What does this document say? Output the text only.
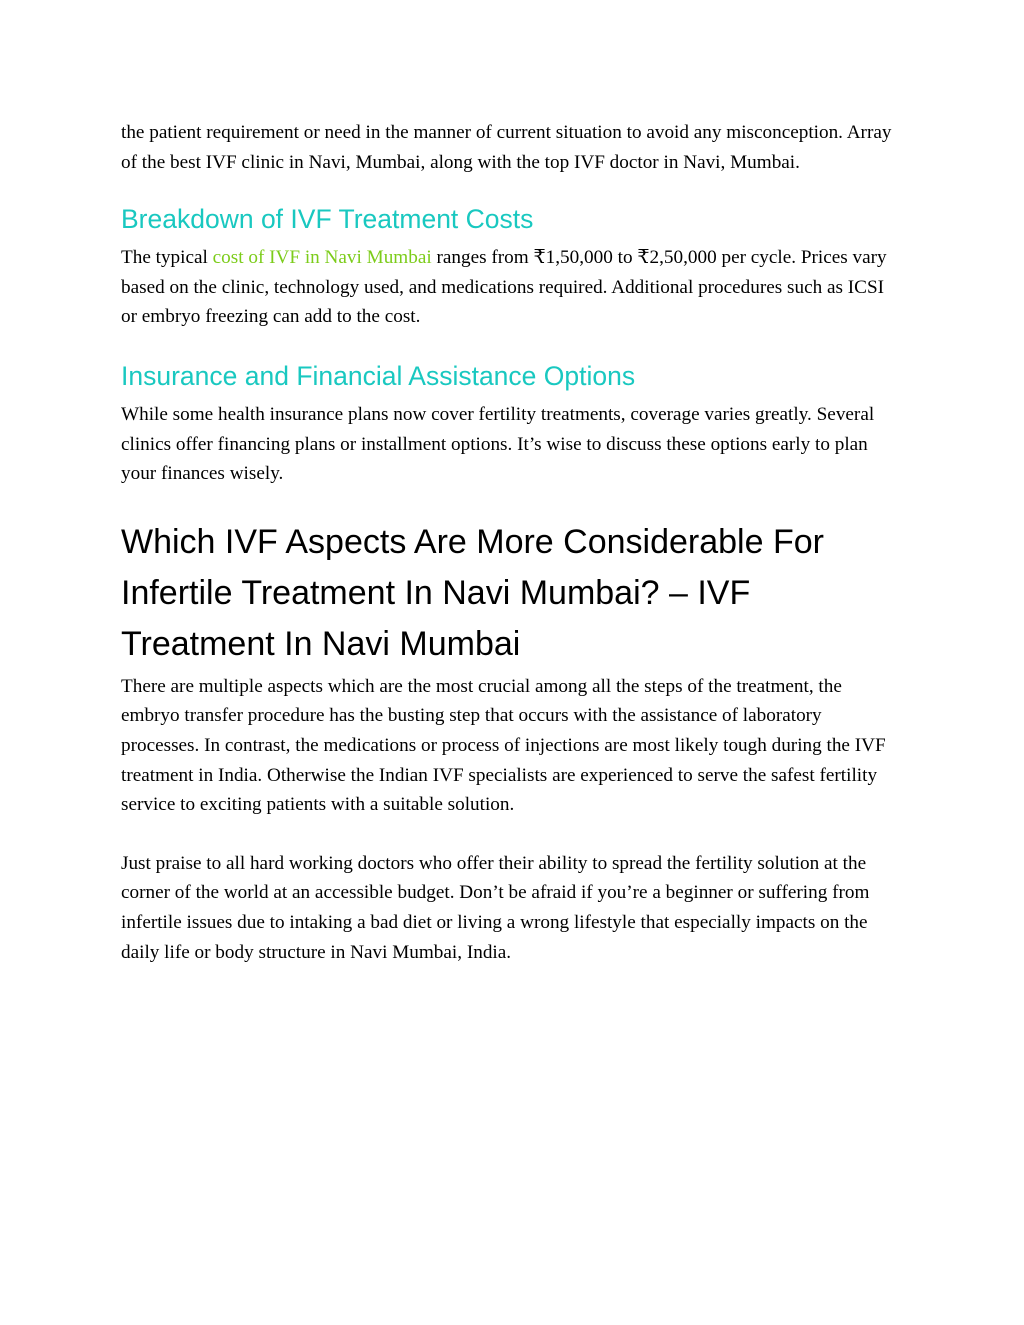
the patient requirement or need in the manner of current situation to avoid any misconception. Array of the best IVF clinic in Navi, Mumbai, along with the top IVF doctor in Navi, Mumbai.

Breakdown of IVF Treatment Costs

The typical cost of IVF in Navi Mumbai ranges from ₹1,50,000 to ₹2,50,000 per cycle. Prices vary based on the clinic, technology used, and medications required. Additional procedures such as ICSI or embryo freezing can add to the cost.

Insurance and Financial Assistance Options

While some health insurance plans now cover fertility treatments, coverage varies greatly. Several clinics offer financing plans or installment options. It’s wise to discuss these options early to plan your finances wisely.

Which IVF Aspects Are More Considerable For Infertile Treatment In Navi Mumbai? – IVF Treatment In Navi Mumbai

There are multiple aspects which are the most crucial among all the steps of the treatment, the embryo transfer procedure has the busting step that occurs with the assistance of laboratory processes. In contrast, the medications or process of injections are most likely tough during the IVF treatment in India. Otherwise the Indian IVF specialists are experienced to serve the safest fertility service to exciting patients with a suitable solution.

Just praise to all hard working doctors who offer their ability to spread the fertility solution at the corner of the world at an accessible budget. Don’t be afraid if you’re a beginner or suffering from infertile issues due to intaking a bad diet or living a wrong lifestyle that especially impacts on the daily life or body structure in Navi Mumbai, India.
